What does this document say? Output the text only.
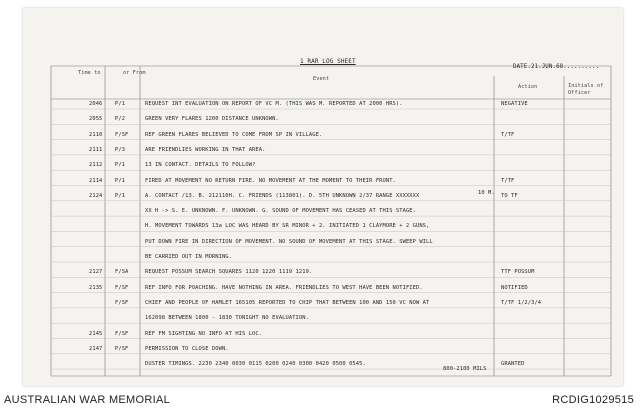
1 RAR LOG SHEET
DATE.21.JUN.68..........
Time to	or From
Event
Action	Initials of Officer
2046 P/1	REQUEST INT EVALUATION ON REPORT OF VC M. (THIS WAS M. REPORTED AT 2000 HRS).	NEGATIVE
2055 P/2	GREEN VERY FLARES 1200 DISTANCE UNKNOWN.
2110 F/SF	REF GREEN FLARES BELIEVED TO COME FROM SP IN VILLAGE.	T/TF
2111 P/3	ARE FRIENDLIES WORKING IN THAT AREA.
2112 P/1	13 IN CONTACT. DETAILS TO FOLLOW?
2114 P/1	FIRED AT MOVEMENT NO RETURN FIRE. NO MOVEMENT AT THE MOMENT TO THEIR FRONT.	T/TF
2124 P/1	A. CONTACT /13. B. 212110H. C. FRIENDS (113801). D. 5TH UNKNOWN 2/37 RANGE XXXXXXX	TO TF
XX H -> S. E. UNKNOWN. F. UNKNOWN. G. SOUND OF MOVEMENT HAS CEASED AT THIS STAGE.
H. MOVEMENT TOWARDS 13a LOC WAS HEARD BY SR MINOR + 2. INITIATED 1 CLAYMORE + 2 GUNS,
PUT DOWN FIRE IN DIRECTION OF MOVEMENT. NO SOUND OF MOVEMENT AT THIS STAGE. SWEEP WILL
BE CARRIED OUT IN MORNING.
2127 F/SA	REQUEST POSSUM SEARCH SQUARES 1120 1220 1119 1219.	TTF POSSUM
2135 F/SF	REF INFO FOR POACHING. HAVE NOTHING IN AREA. FRIENDLIES TO WEST HAVE BEEN NOTIFIED.	NOTIFIED
F/SF	CHIEF AND PEOPLE OF HAMLET 165105 REPORTED TO CHIP THAT BETWEEN 100 AND 150 VC NOW AT	T/TF 1/2/3/4
162098 BETWEEN 1800 - 1830 TONIGHT NO EVALUATION.
2145 F/SF	REF FM SIGHTING NO INFO AT HIS LOC.
2147 P/SF	PERMISSION TO CLOSE DOWN.
DUSTER TIMINGS. 2230 2340 0030 0115 0200 0240 0300 0420 0500 0545.	GRANTED
10 M.
800-2100 MILS
AUSTRALIAN WAR MEMORIAL	RCDIG1029515
